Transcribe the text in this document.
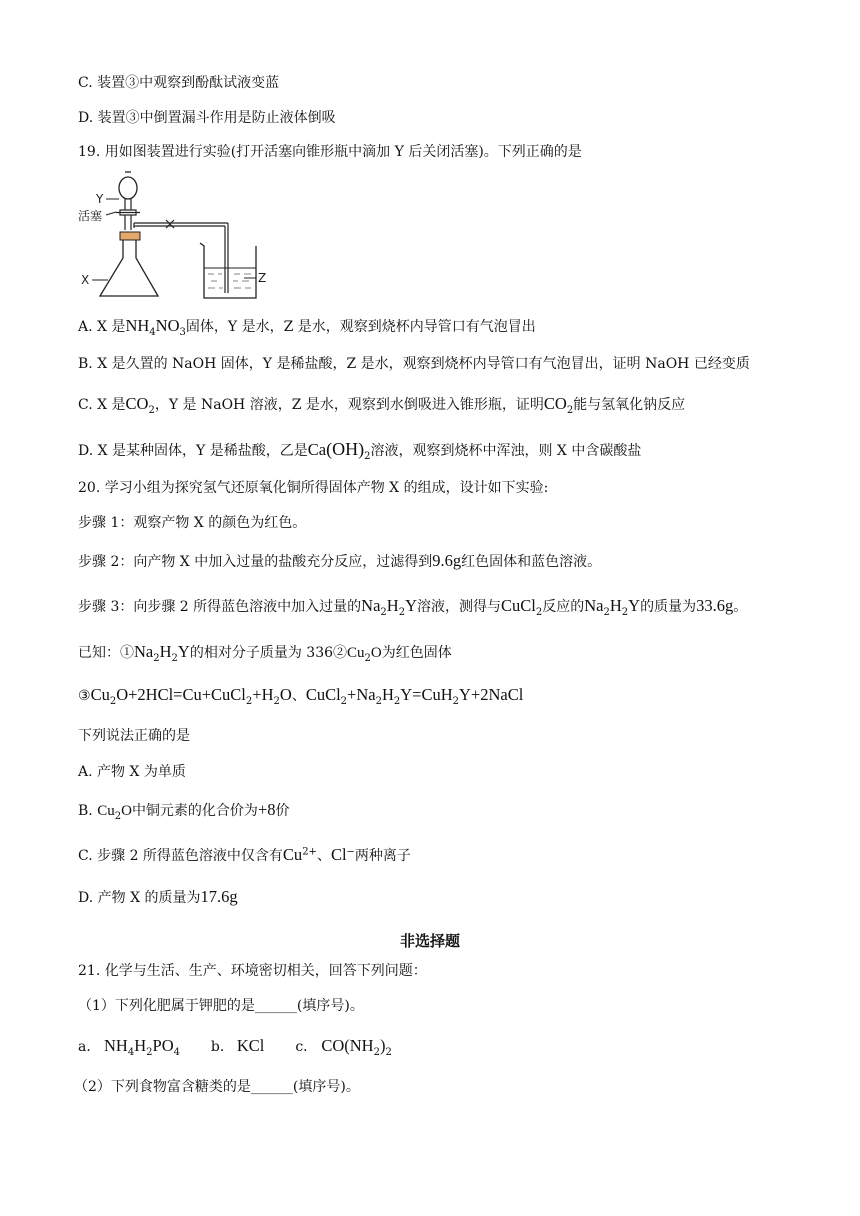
C. 装置③中观察到酚酞试液变蓝
D. 装置③中倒置漏斗作用是防止液体倒吸
19. 用如图装置进行实验(打开活塞向锥形瓶中滴加 Y 后关闭活塞)。下列正确的是
Y
活塞
X	Z
A. X 是$NH_4NO_3$固体，Y 是水，Z 是水，观察到烧杯内导管口有气泡冒出
B. X 是久置的 NaOH 固体，Y 是稀盐酸，Z 是水，观察到烧杯内导管口有气泡冒出，证明 NaOH 已经变质
C. X 是$CO_2$，Y 是 NaOH 溶液，Z 是水，观察到水倒吸进入锥形瓶，证明$CO_2$能与氢氧化钠反应
D. X 是某种固体，Y 是稀盐酸，乙是$Ca(OH)_2$溶液，观察到烧杯中浑浊，则 X 中含碳酸盐
20. 学习小组为探究氢气还原氧化铜所得固体产物 X 的组成，设计如下实验:
步骤 1：观察产物 X 的颜色为红色。
步骤 2：向产物 X 中加入过量的盐酸充分反应，过滤得到9.6g红色固体和蓝色溶液。
步骤 3：向步骤 2 所得蓝色溶液中加入过量的$Na_2H_2Y$溶液，测得与CuCl$_2$反应的$Na_2H_2Y$的质量为33.6g。
已知：$①Na_2H_2Y$的相对分子质量为 $336②Cu_2O$为红色固体
$③Cu_2O+2HCl=Cu+CuCl_2+H_2O$、$CuCl_2+Na_2H_2Y=CuH_2Y+2NaCl$
下列说法正确的是
A. 产物 X 为单质
B. $Cu_2O$中铜元素的化合价为+8价
C. 步骤 2 所得蓝色溶液中仅含有$Cu^{2+}$、Cl−两种离子
D. 产物 X 的质量为17.6g
非选择题
21. 化学与生活、生产、环境密切相关，回答下列问题：
（1）下列化肥属于钾肥的是______(填序号)。
a． $NH_4H_2PO_4$ b． KCl c． $CO(NH_2)_2$
（2）下列食物富含糖类的是______(填序号)。
